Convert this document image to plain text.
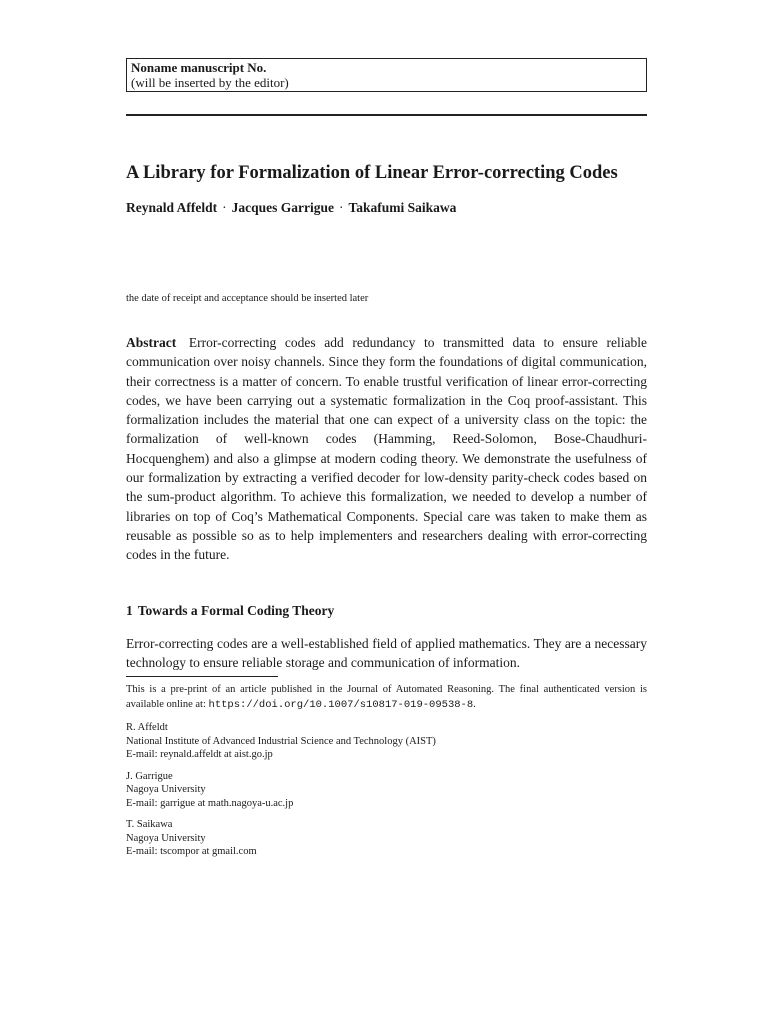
Noname manuscript No.
(will be inserted by the editor)
A Library for Formalization of Linear Error-correcting Codes
Reynald Affeldt · Jacques Garrigue · Takafumi Saikawa
the date of receipt and acceptance should be inserted later
Abstract Error-correcting codes add redundancy to transmitted data to ensure reliable communication over noisy channels. Since they form the foundations of digital communication, their correctness is a matter of concern. To enable trustful verification of linear error-correcting codes, we have been carrying out a systematic formalization in the Coq proof-assistant. This formalization includes the material that one can expect of a university class on the topic: the formalization of well-known codes (Hamming, Reed-Solomon, Bose-Chaudhuri-Hocquenghem) and also a glimpse at modern coding theory. We demonstrate the usefulness of our formalization by extracting a verified decoder for low-density parity-check codes based on the sum-product algorithm. To achieve this formalization, we needed to develop a number of libraries on top of Coq’s Mathematical Components. Special care was taken to make them as reusable as possible so as to help implementers and researchers dealing with error-correcting codes in the future.
1 Towards a Formal Coding Theory
Error-correcting codes are a well-established field of applied mathematics. They are a necessary technology to ensure reliable storage and communication of information.
This is a pre-print of an article published in the Journal of Automated Reasoning. The final authenticated version is available online at: https://doi.org/10.1007/s10817-019-09538-8.
R. Affeldt
National Institute of Advanced Industrial Science and Technology (AIST)
E-mail: reynald.affeldt at aist.go.jp
J. Garrigue
Nagoya University
E-mail: garrigue at math.nagoya-u.ac.jp
T. Saikawa
Nagoya University
E-mail: tscompor at gmail.com
